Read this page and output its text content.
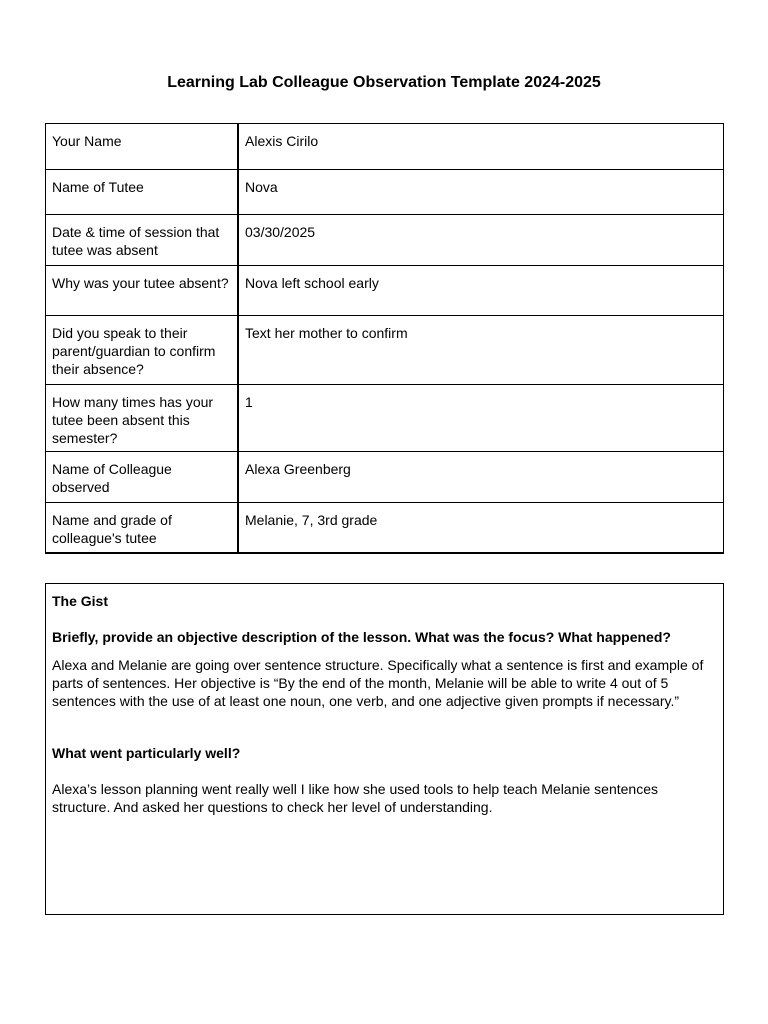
Learning Lab Colleague Observation Template 2024-2025
Your Name	Alexis Cirilo
Name of Tutee	Nova
Date & time of session that tutee was absent	03/30/2025
Why was your tutee absent?	Nova left school early
Did you speak to their parent/guardian to confirm their absence?	Text her mother to confirm
How many times has your tutee been absent this semester?	1
Name of Colleague observed	Alexa Greenberg
Name and grade of colleague's tutee	Melanie, 7, 3rd grade

The Gist

Briefly, provide an objective description of the lesson. What was the focus? What happened?

Alexa and Melanie are going over sentence structure. Specifically what a sentence is first and example of parts of sentences. Her objective is “By the end of the month, Melanie will be able to write 4 out of 5 sentences with the use of at least one noun, one verb, and one adjective given prompts if necessary.”

What went particularly well?

Alexa’s lesson planning went really well I like how she used tools to help teach Melanie sentences structure. And asked her questions to check her level of understanding.
